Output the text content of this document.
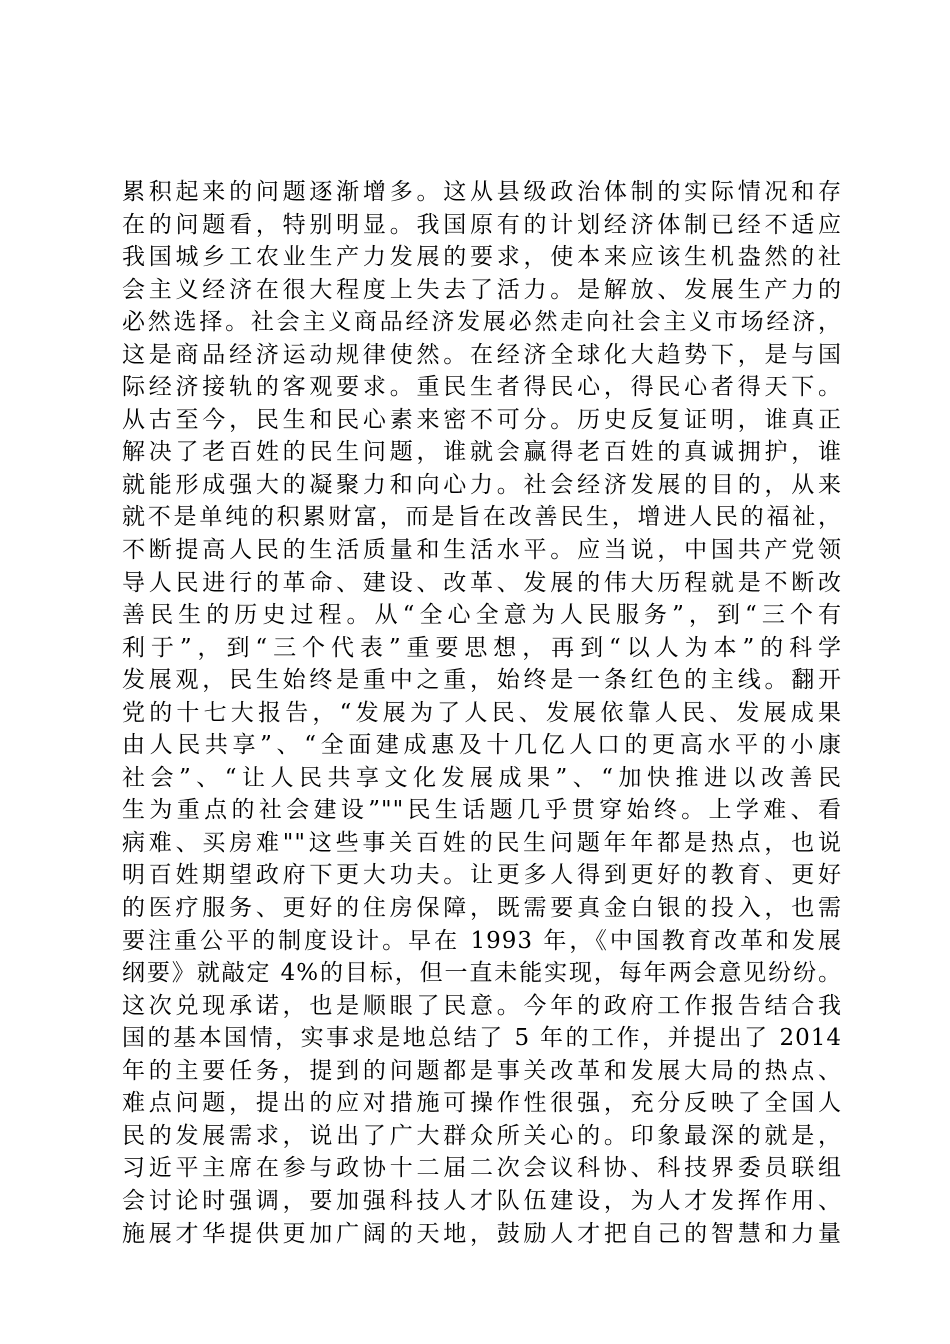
累积起来的问题逐渐增多。这从县级政治体制的实际情况和存
在的问题看，特别明显。我国原有的计划经济体制已经不适应
我国城乡工农业生产力发展的要求，使本来应该生机盎然的社
会主义经济在很大程度上失去了活力。是解放、发展生产力的
必然选择。社会主义商品经济发展必然走向社会主义市场经济，
这是商品经济运动规律使然。在经济全球化大趋势下，是与国
际经济接轨的客观要求。重民生者得民心，得民心者得天下。
从古至今，民生和民心素来密不可分。历史反复证明，谁真正
解决了老百姓的民生问题，谁就会赢得老百姓的真诚拥护，谁
就能形成强大的凝聚力和向心力。社会经济发展的目的，从来
就不是单纯的积累财富，而是旨在改善民生，增进人民的福祉，
不断提高人民的生活质量和生活水平。应当说，中国共产党领
导人民进行的革命、建设、改革、发展的伟大历程就是不断改
善民生的历史过程。从“全心全意为人民服务”，到“三个有
利于”，到“三个代表”重要思想，再到“以人为本”的科学
发展观，民生始终是重中之重，始终是一条红色的主线。翻开
党的十七大报告，“发展为了人民、发展依靠人民、发展成果
由人民共享”、“全面建成惠及十几亿人口的更高水平的小康
社会”、“让人民共享文化发展成果”、“加快推进以改善民
生为重点的社会建设”""民生话题几乎贯穿始终。上学难、看
病难、买房难""这些事关百姓的民生问题年年都是热点，也说
明百姓期望政府下更大功夫。让更多人得到更好的教育、更好
的医疗服务、更好的住房保障，既需要真金白银的投入，也需
要注重公平的制度设计。早在 1993 年，《中国教育改革和发展
纲要》就敲定 4%的目标，但一直未能实现，每年两会意见纷纷。
这次兑现承诺，也是顺眼了民意。今年的政府工作报告结合我
国的基本国情，实事求是地总结了 5 年的工作，并提出了 2014
年的主要任务，提到的问题都是事关改革和发展大局的热点、
难点问题，提出的应对措施可操作性很强，充分反映了全国人
民的发展需求，说出了广大群众所关心的。印象最深的就是，
习近平主席在参与政协十二届二次会议科协、科技界委员联组
会讨论时强调，要加强科技人才队伍建设，为人才发挥作用、
施展才华提供更加广阔的天地，鼓励人才把自己的智慧和力量
